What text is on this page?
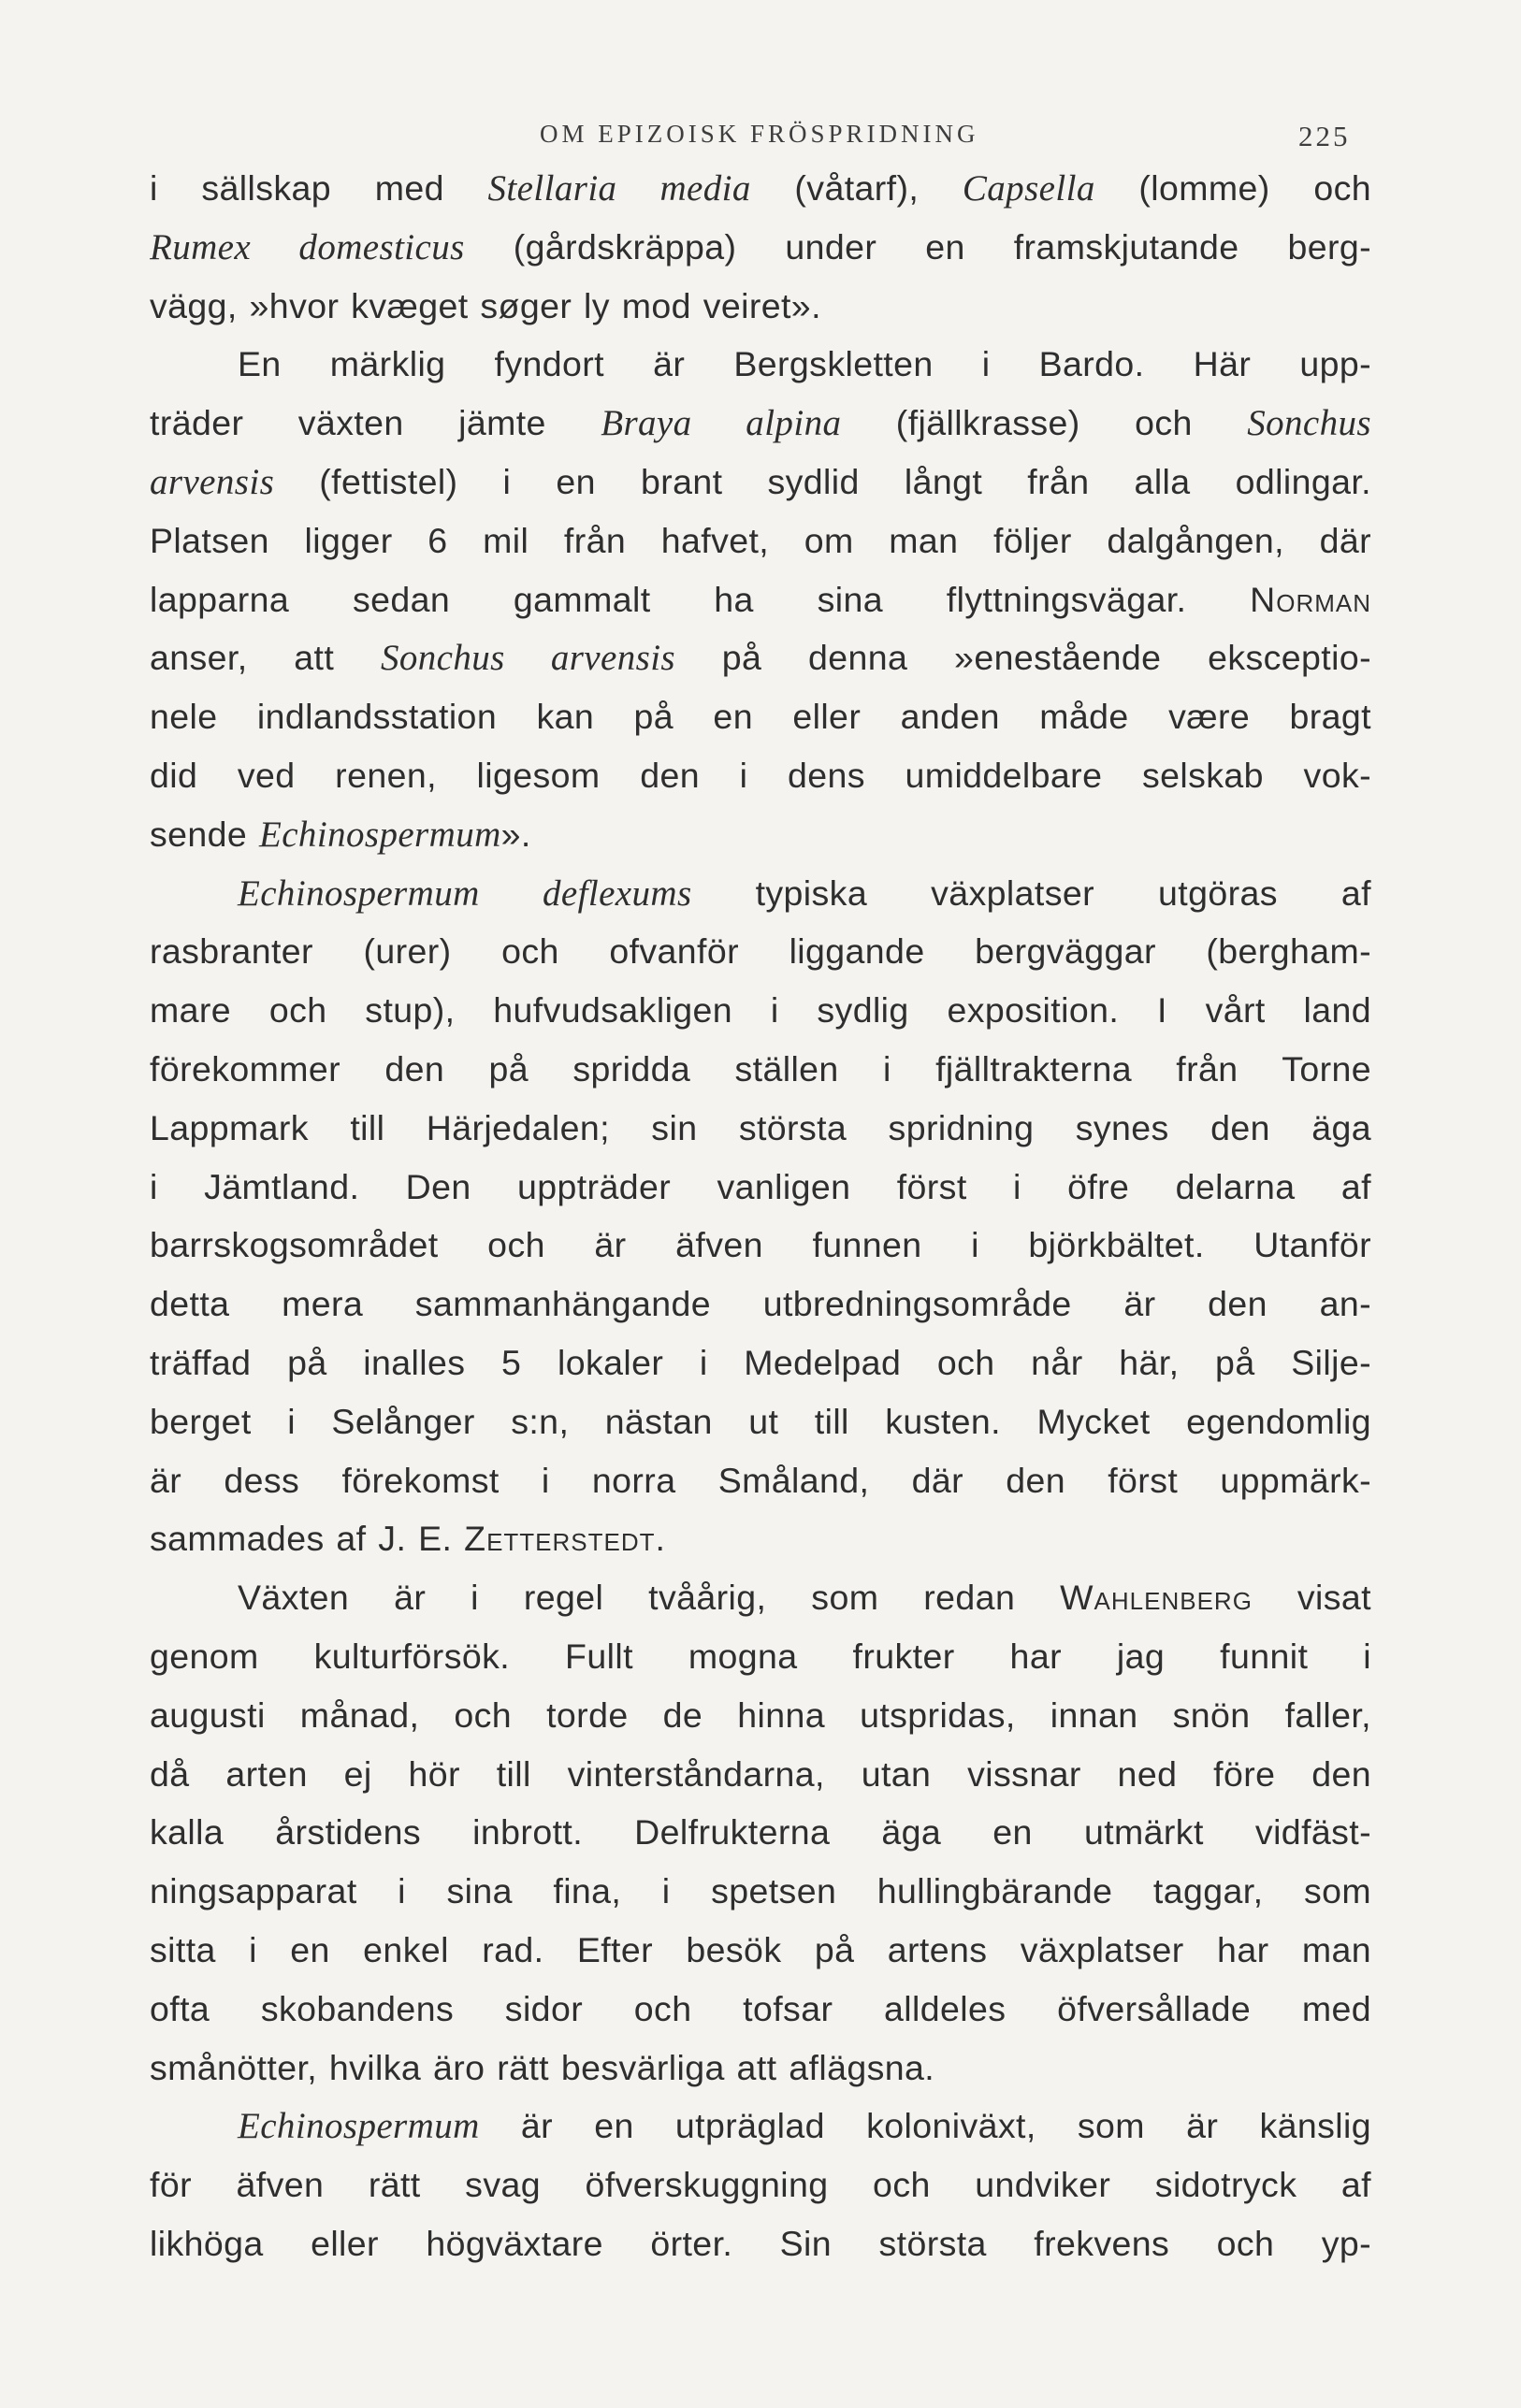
OM EPIZOISK FRÖSPRIDNING	225
i sällskap med Stellaria media (våtarf), Capsella (lomme) och
Rumex domesticus (gårdskräppa) under en framskjutande berg-
vägg, »hvor kvæget søger ly mod veiret».
En märklig fyndort är Bergskletten i Bardo. Här upp-
träder växten jämte Braya alpina (fjällkrasse) och Sonchus
arvensis (fettistel) i en brant sydlid långt från alla odlingar.
Platsen ligger 6 mil från hafvet, om man följer dalgången, där
lapparna sedan gammalt ha sina flyttningsvägar. Norman
anser, att Sonchus arvensis på denna »enestående eksceptio-
nele indlandsstation kan på en eller anden måde være bragt
did ved renen, ligesom den i dens umiddelbare selskab vok-
sende Echinospermum».
Echinospermum deflexums typiska växplatser utgöras af
rasbranter (urer) och ofvanför liggande bergväggar (bergham-
mare och stup), hufvudsakligen i sydlig exposition. I vårt land
förekommer den på spridda ställen i fjälltrakterna från Torne
Lappmark till Härjedalen; sin största spridning synes den äga
i Jämtland. Den uppträder vanligen först i öfre delarna af
barrskogsområdet och är äfven funnen i björkbältet. Utanför
detta mera sammanhängande utbredningsområde är den an-
träffad på inalles 5 lokaler i Medelpad och når här, på Silje-
berget i Selånger s:n, nästan ut till kusten. Mycket egendomlig
är dess förekomst i norra Småland, där den först uppmärk-
sammades af J. E. Zetterstedt.
Växten är i regel tvåårig, som redan Wahlenberg visat
genom kulturförsök. Fullt mogna frukter har jag funnit i
augusti månad, och torde de hinna utspridas, innan snön faller,
då arten ej hör till vinterståndarna, utan vissnar ned före den
kalla årstidens inbrott. Delfrukterna äga en utmärkt vidfäst-
ningsapparat i sina fina, i spetsen hullingbärande taggar, som
sitta i en enkel rad. Efter besök på artens växplatser har man
ofta skobandens sidor och tofsar alldeles öfversållade med
smånötter, hvilka äro rätt besvärliga att aflägsna.
Echinospermum är en utpräglad koloniväxt, som är känslig
för äfven rätt svag öfverskuggning och undviker sidotryck af
likhöga eller högväxtare örter. Sin största frekvens och yp-
